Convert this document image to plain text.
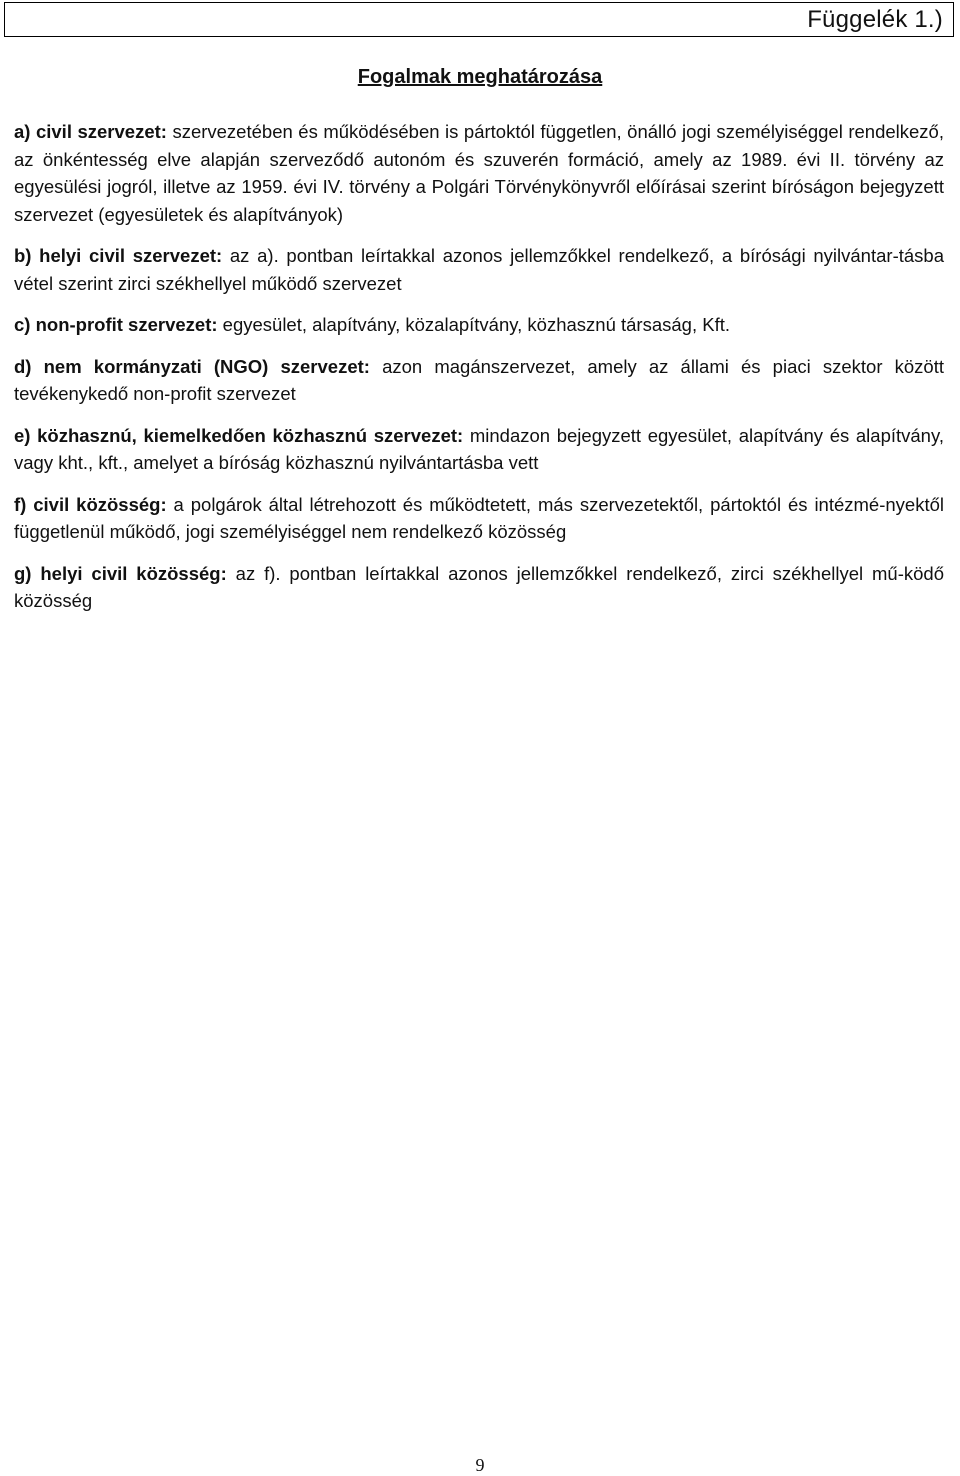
Függelék 1.)
Fogalmak meghatározása

a) civil szervezet: szervezetében és működésében is pártoktól független, önálló jogi személyiséggel rendelkező, az önkéntesség elve alapján szerveződő autonóm és szuverén formáció, amely az 1989. évi II. törvény az egyesülési jogról, illetve az 1959. évi IV. törvény a Polgári Törvénykönyvről előírásai szerint bíróságon bejegyzett szervezet (egyesületek és alapítványok)

b) helyi civil szervezet: az a). pontban leírtakkal azonos jellemzőkkel rendelkező, a bírósági nyilvántar-tásba vétel szerint zirci székhellyel működő szervezet

c) non-profit szervezet: egyesület, alapítvány, közalapítvány, közhasznú társaság, Kft.

d) nem kormányzati (NGO) szervezet: azon magánszervezet, amely az állami és piaci szektor között tevékenykedő non-profit szervezet

e) közhasznú, kiemelkedően közhasznú szervezet: mindazon bejegyzett egyesület, alapítvány és alapítvány, vagy kht., kft., amelyet a bíróság közhasznú nyilvántartásba vett

f) civil közösség: a polgárok által létrehozott és működtetett, más szervezetektől, pártoktól és intézmé-nyektől függetlenül működő, jogi személyiséggel nem rendelkező közösség

g) helyi civil közösség: az f). pontban leírtakkal azonos jellemzőkkel rendelkező, zirci székhellyel mű-ködő közösség

9
